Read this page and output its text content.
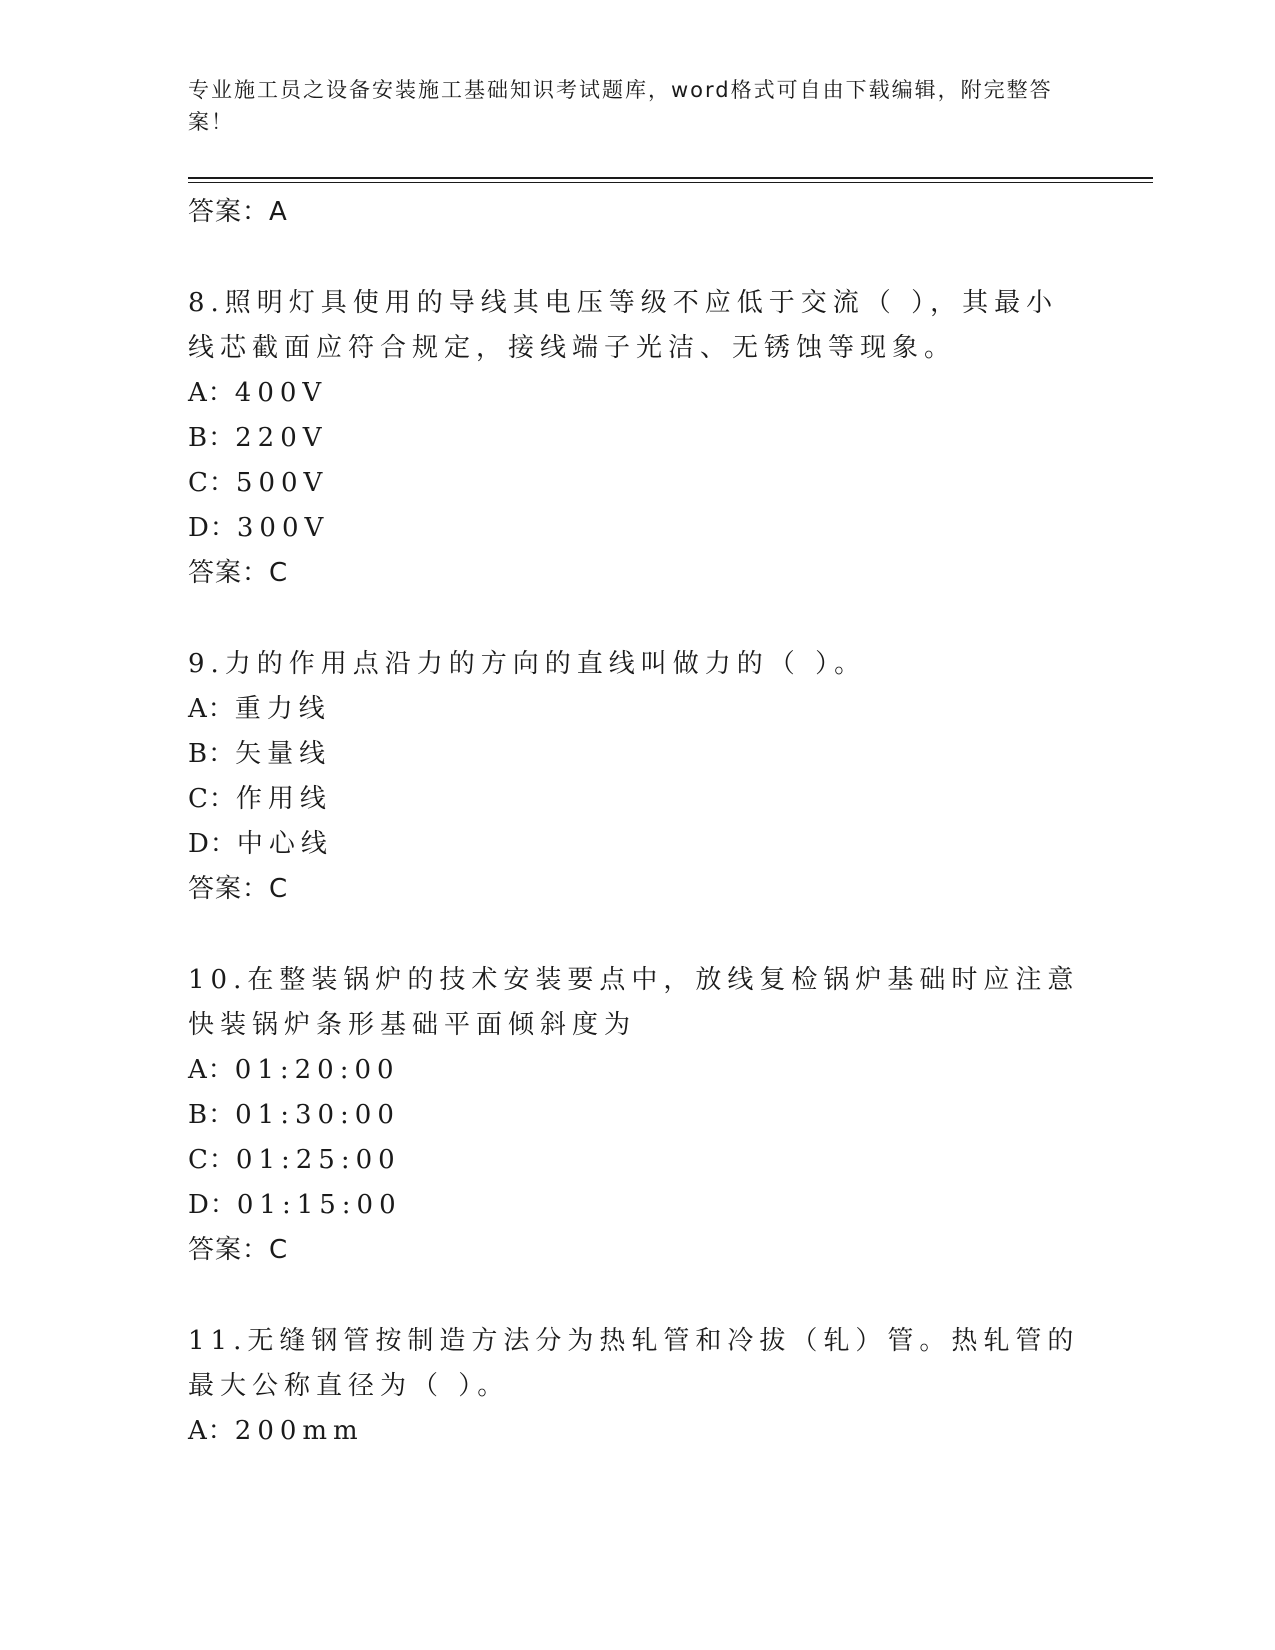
专业施工员之设备安装施工基础知识考试题库，word格式可自由下载编辑，附完整答案！
答案：A
8.照明灯具使用的导线其电压等级不应低于交流（ ），其最小线芯截面应符合规定，接线端子光洁、无锈蚀等现象。
A：400V
B：220V
C：500V
D：300V
答案：C
9.力的作用点沿力的方向的直线叫做力的（ ）。
A：重力线
B：矢量线
C：作用线
D：中心线
答案：C
10.在整装锅炉的技术安装要点中，放线复检锅炉基础时应注意快装锅炉条形基础平面倾斜度为
A：01:20:00
B：01:30:00
C：01:25:00
D：01:15:00
答案：C
11.无缝钢管按制造方法分为热轧管和冷拔（轧）管。热轧管的最大公称直径为（ ）。
A：200mm
